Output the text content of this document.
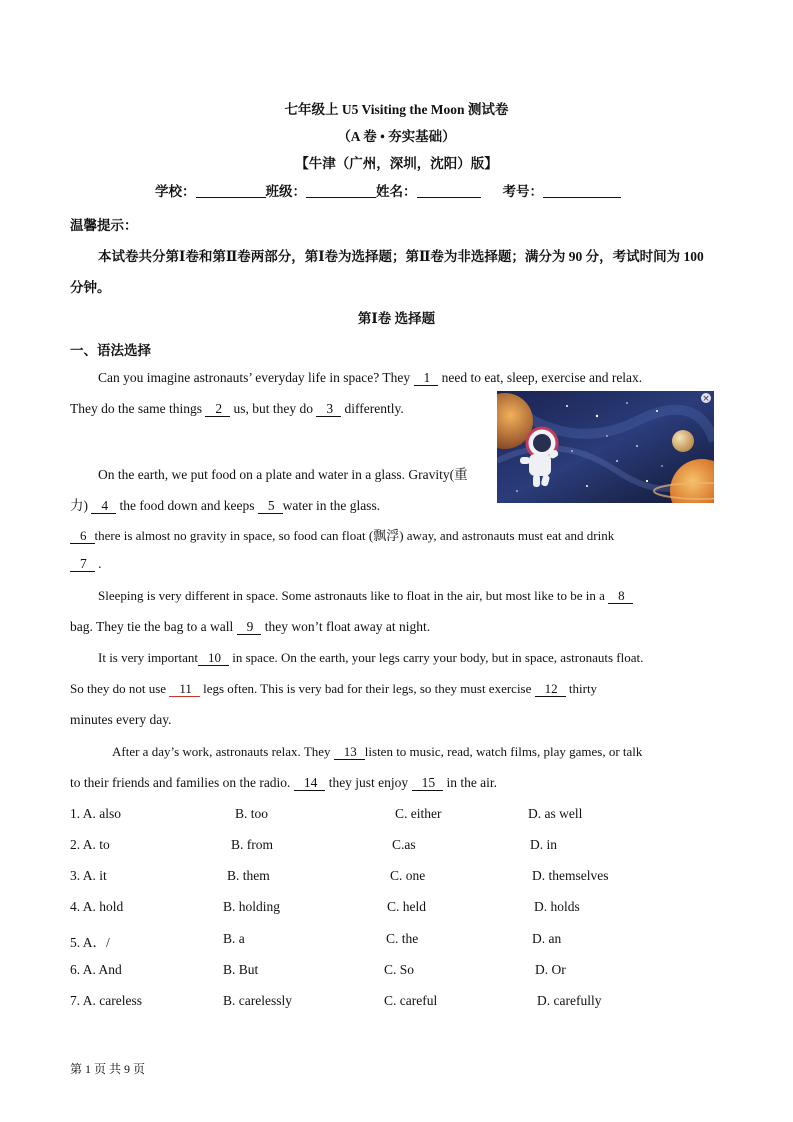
七年级上 U5 Visiting the Moon 测试卷
（A 卷 • 夯实基础）
【牛津（广州，深圳，沈阳）版】
学校：	班级：	姓名：	考号：
温馨提示：
本试卷共分第Ⅰ卷和第Ⅱ卷两部分，第Ⅰ卷为选择题；第Ⅱ卷为非选择题；满分为 90 分，考试时间为 100
分钟。
第Ⅰ卷 选择题
一、语法选择
Can you imagine astronauts’ everyday life in space? They 1 need to eat, sleep, exercise and relax.
They do the same things 2 us, but they do 3 differently.
On the earth, we put food on a plate and water in a glass. Gravity(重
力) 4 the food down and keeps 5 water in the glass.
6 there is almost no gravity in space, so food can float (飘浮) away, and astronauts must eat and drink
7 .
Sleeping is very different in space. Some astronauts like to float in the air, but most like to be in a 8
bag. They tie the bag to a wall 9 they won’t float away at night.
It is very important 10 in space. On the earth, your legs carry your body, but in space, astronauts float.
So they do not use 11 legs often. This is very bad for their legs, so they must exercise 12 thirty
minutes every day.
After a day’s work, astronauts relax. They 13 listen to music, read, watch films, play games, or talk
to their friends and families on the radio. 14 they just enjoy 15 in the air.
×
1. A. also	B. too	C. either	D. as well
2. A. to	B. from	C.as	D. in
3. A. it	B. them	C. one	D. themselves
4. A. hold	B. holding	C. held	D. holds
5. A．/	B. a	C. the	D. an
6. A. And	B. But	C. So	D. Or
7. A. careless	B. carelessly	C. careful	D. carefully
第 1 页 共 9 页
